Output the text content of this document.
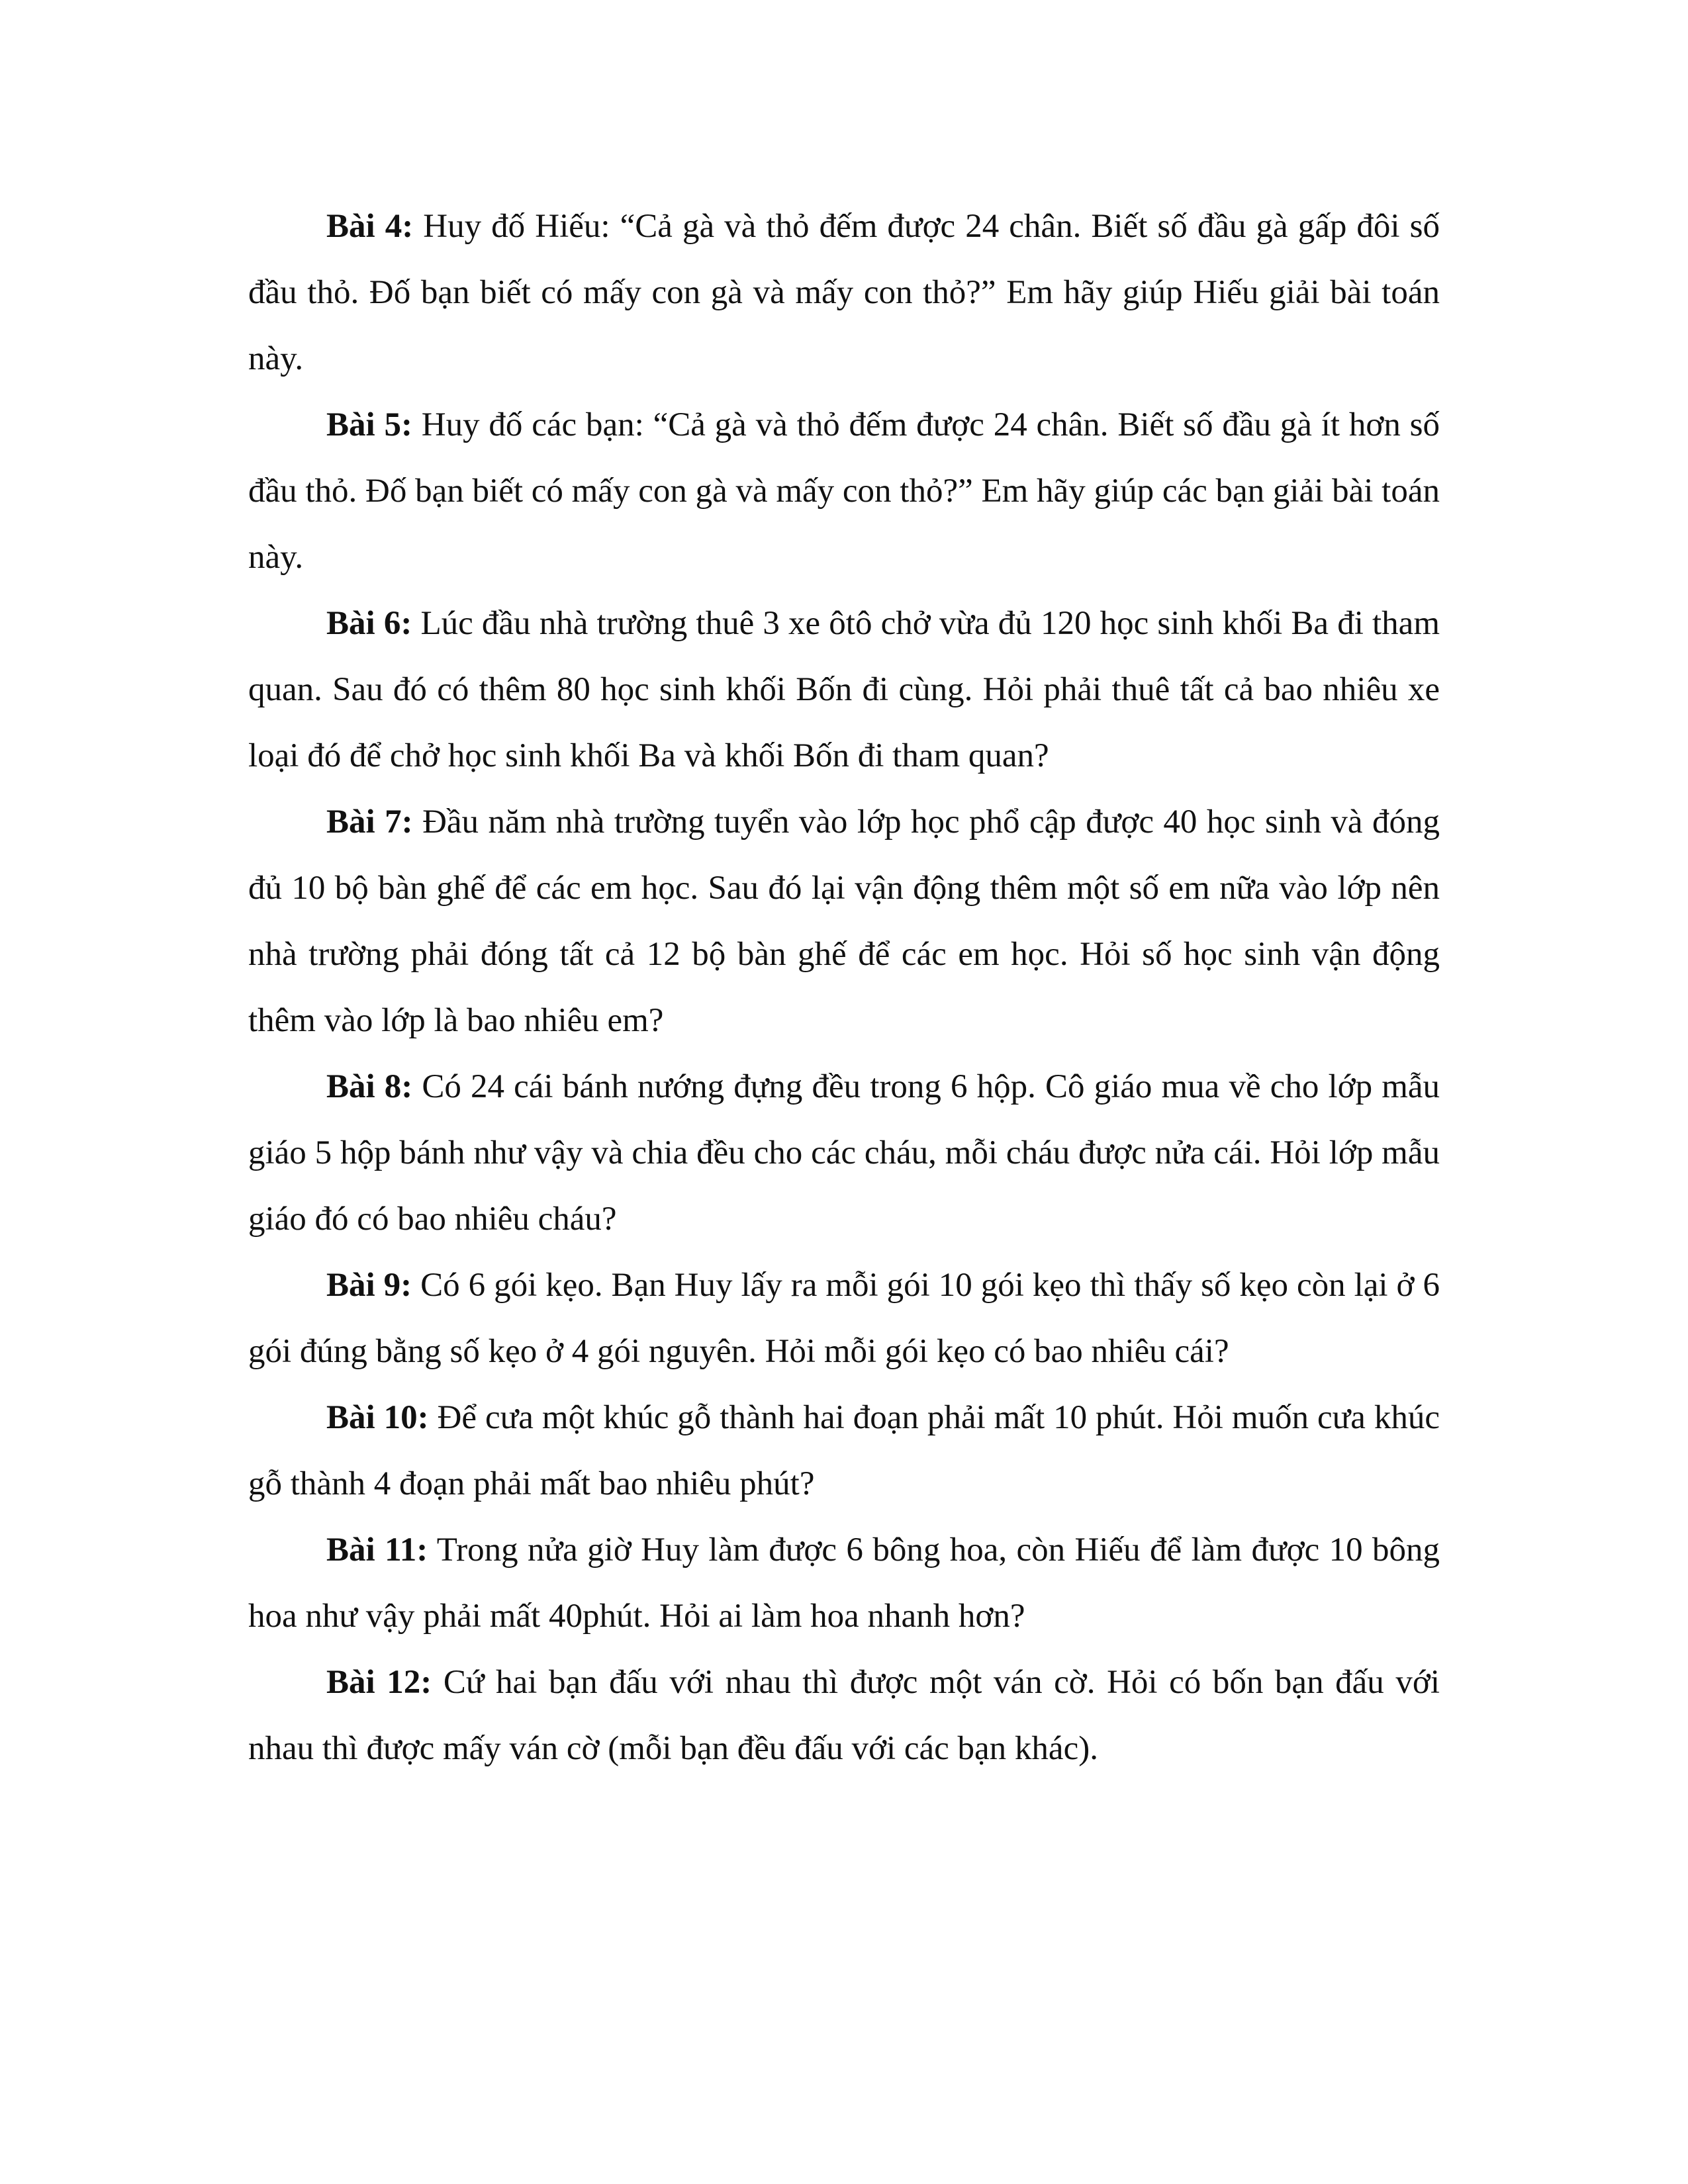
Bài 4: Huy đố Hiếu: “Cả gà và thỏ đếm được 24 chân. Biết số đầu gà gấp đôi số đầu thỏ. Đố bạn biết có mấy con gà và mấy con thỏ?” Em hãy giúp Hiếu giải bài toán này.

Bài 5: Huy đố các bạn: “Cả gà và thỏ đếm được 24 chân. Biết số đầu gà ít hơn số đầu thỏ. Đố bạn biết có mấy con gà và mấy con thỏ?” Em hãy giúp các bạn giải bài toán này.

Bài 6: Lúc đầu nhà trường thuê 3 xe ôtô chở vừa đủ 120 học sinh khối Ba đi tham quan. Sau đó có thêm 80 học sinh khối Bốn đi cùng. Hỏi phải thuê tất cả bao nhiêu xe loại đó để chở học sinh khối Ba và khối Bốn đi tham quan?

Bài 7: Đầu năm nhà trường tuyển vào lớp học phổ cập được 40 học sinh và đóng đủ 10 bộ bàn ghế để các em học. Sau đó lại vận động thêm một số em nữa vào lớp nên nhà trường phải đóng tất cả 12 bộ bàn ghế để các em học. Hỏi số học sinh vận động thêm vào lớp là bao nhiêu em?

Bài 8: Có 24 cái bánh nướng đựng đều trong 6 hộp. Cô giáo mua về cho lớp mẫu giáo 5 hộp bánh như vậy và chia đều cho các cháu, mỗi cháu được nửa cái. Hỏi lớp mẫu giáo đó có bao nhiêu cháu?

Bài 9: Có 6 gói kẹo. Bạn Huy lấy ra mỗi gói 10 gói kẹo thì thấy số kẹo còn lại ở 6 gói đúng bằng số kẹo ở 4 gói nguyên. Hỏi mỗi gói kẹo có bao nhiêu cái?

Bài 10: Để cưa một khúc gỗ thành hai đoạn phải mất 10 phút. Hỏi muốn cưa khúc gỗ thành 4 đoạn phải mất bao nhiêu phút?

Bài 11: Trong nửa giờ Huy làm được 6 bông hoa, còn Hiếu để làm được 10 bông hoa như vậy phải mất 40phút. Hỏi ai làm hoa nhanh hơn?

Bài 12: Cứ hai bạn đấu với nhau thì được một ván cờ. Hỏi có bốn bạn đấu với nhau thì được mấy ván cờ (mỗi bạn đều đấu với các bạn khác).
